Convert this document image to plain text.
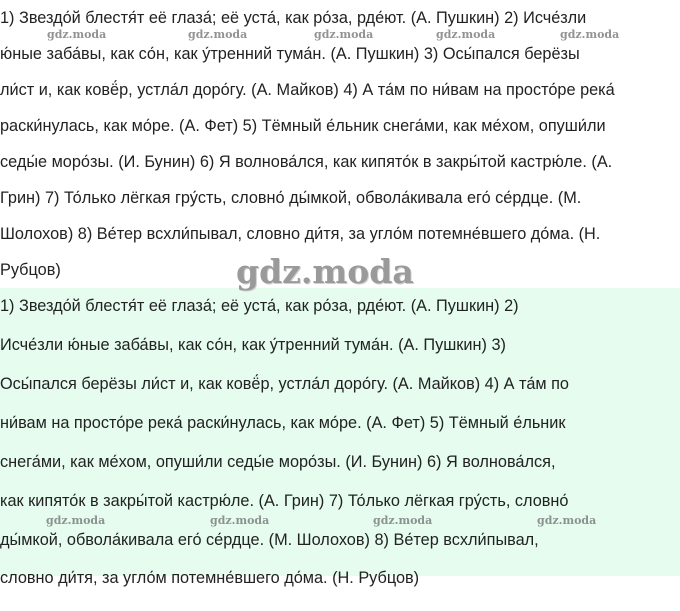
1) Звездо́й блестя́т её глаза́; её уста́, как ро́за, рде́ют. (А. Пушкин) 2) Исче́зли
ю́ные заба́вы, как со́н, как у́тренний тума́н. (А. Пушкин) 3) Осы́пался берёзы
ли́ст и, как ковё́р, устла́л доро́гу. (А. Майков) 4) А та́м по ни́вам на просто́ре река́
раски́нулась, как мо́ре. (А. Фет) 5) Тёмный е́льник снега́ми, как ме́хом, опуши́ли
седы́е моро́зы. (И. Бунин) 6) Я волнова́лся, как кипято́к в закры́той кастрю́ле. (А.
Грин) 7) То́лько лёгкая гру́сть, словно́ ды́мкой, обвола́кивала его́ се́рдце. (М.
Шолохов) 8) Ве́тер всхли́пывал, словно ди́тя, за угло́м потемне́вшего до́ма. (Н.
Рубцов)
gdz.moda	gdz.moda	gdz.moda	gdz.moda	gdz.moda
gdz.moda
1) Звездо́й блестя́т её глаза́; её уста́, как ро́за, рде́ют. (А. Пушкин) 2)
Исче́зли ю́ные заба́вы, как со́н, как у́тренний тума́н. (А. Пушкин) 3)
Осы́пался берёзы ли́ст и, как ковё́р, устла́л доро́гу. (А. Майков) 4) А та́м по
ни́вам на просто́ре река́ раски́нулась, как мо́ре. (А. Фет) 5) Тёмный е́льник
снега́ми, как ме́хом, опуши́ли седы́е моро́зы. (И. Бунин) 6) Я волнова́лся,
как кипято́к в закры́той кастрю́ле. (А. Грин) 7) То́лько лёгкая гру́сть, словно́
ды́мкой, обвола́кивала его́ се́рдце. (М. Шолохов) 8) Ве́тер всхли́пывал,
словно ди́тя, за угло́м потемне́вшего до́ма. (Н. Рубцов)
gdz.moda	gdz.moda	gdz.moda	gdz.moda
